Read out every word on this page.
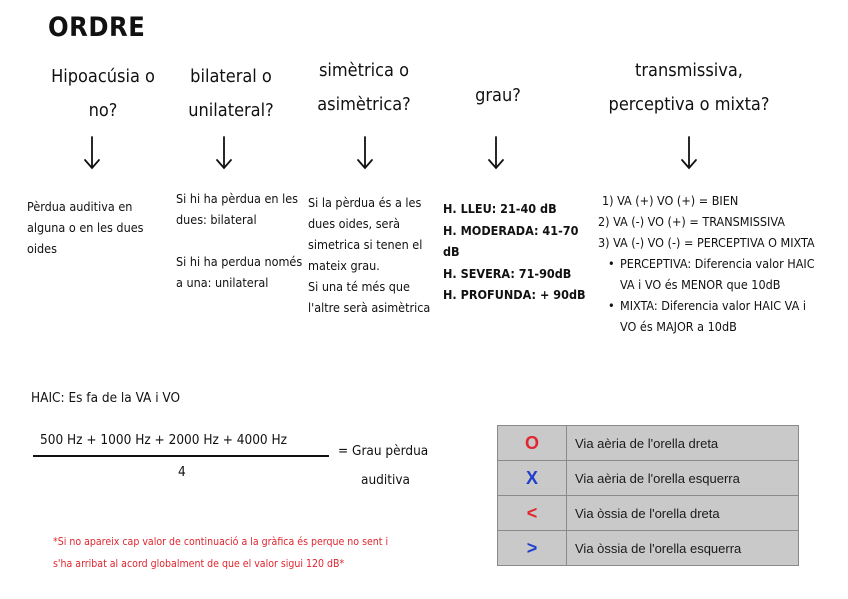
ORDRE
Hipoacúsia o
no?
bilateral o
unilateral?
simètrica o
asimètrica?	grau?
transmissiva,
perceptiva o mixta?

Pèrdua auditiva en

alguna o en les dues

oides

Si hi ha pèrdua en les

dues: bilateral

Si hi ha perdua només

a una: unilateral

Si la pèrdua és a les

dues oides, serà

simetrica si tenen el

mateix grau.

Si una té més que

l'altre serà asimètrica

H. LLEU: 21-40 dB

H. MODERADA: 41-70 dB

H. SEVERA: 71-90dB

H. PROFUNDA: + 90dB

1) VA (+) VO (+) = BIEN
2) VA (-) VO (+) = TRANSMISSIVA
3) VA (-) VO (-) = PERCEPTIVA O MIXTA
• PERCEPTIVA: Diferencia valor HAIC
VA i VO és MENOR que 10dB
• MIXTA: Diferencia valor HAIC VA i
VO és MAJOR a 10dB
HAIC: Es fa de la VA i VO
500 Hz + 1000 Hz + 2000 Hz + 4000 Hz
4
= Grau pèrdua
auditiva
*Si no apareix cap valor de continuació a la gràfica és perque no sent i
s'ha arribat al acord globalment de que el valor sigui 120 dB*
O	Via aèria de l'orella dreta
X	Via aèria de l'orella esquerra
<	Via òssia de l'orella dreta
>	Via òssia de l'orella esquerra
